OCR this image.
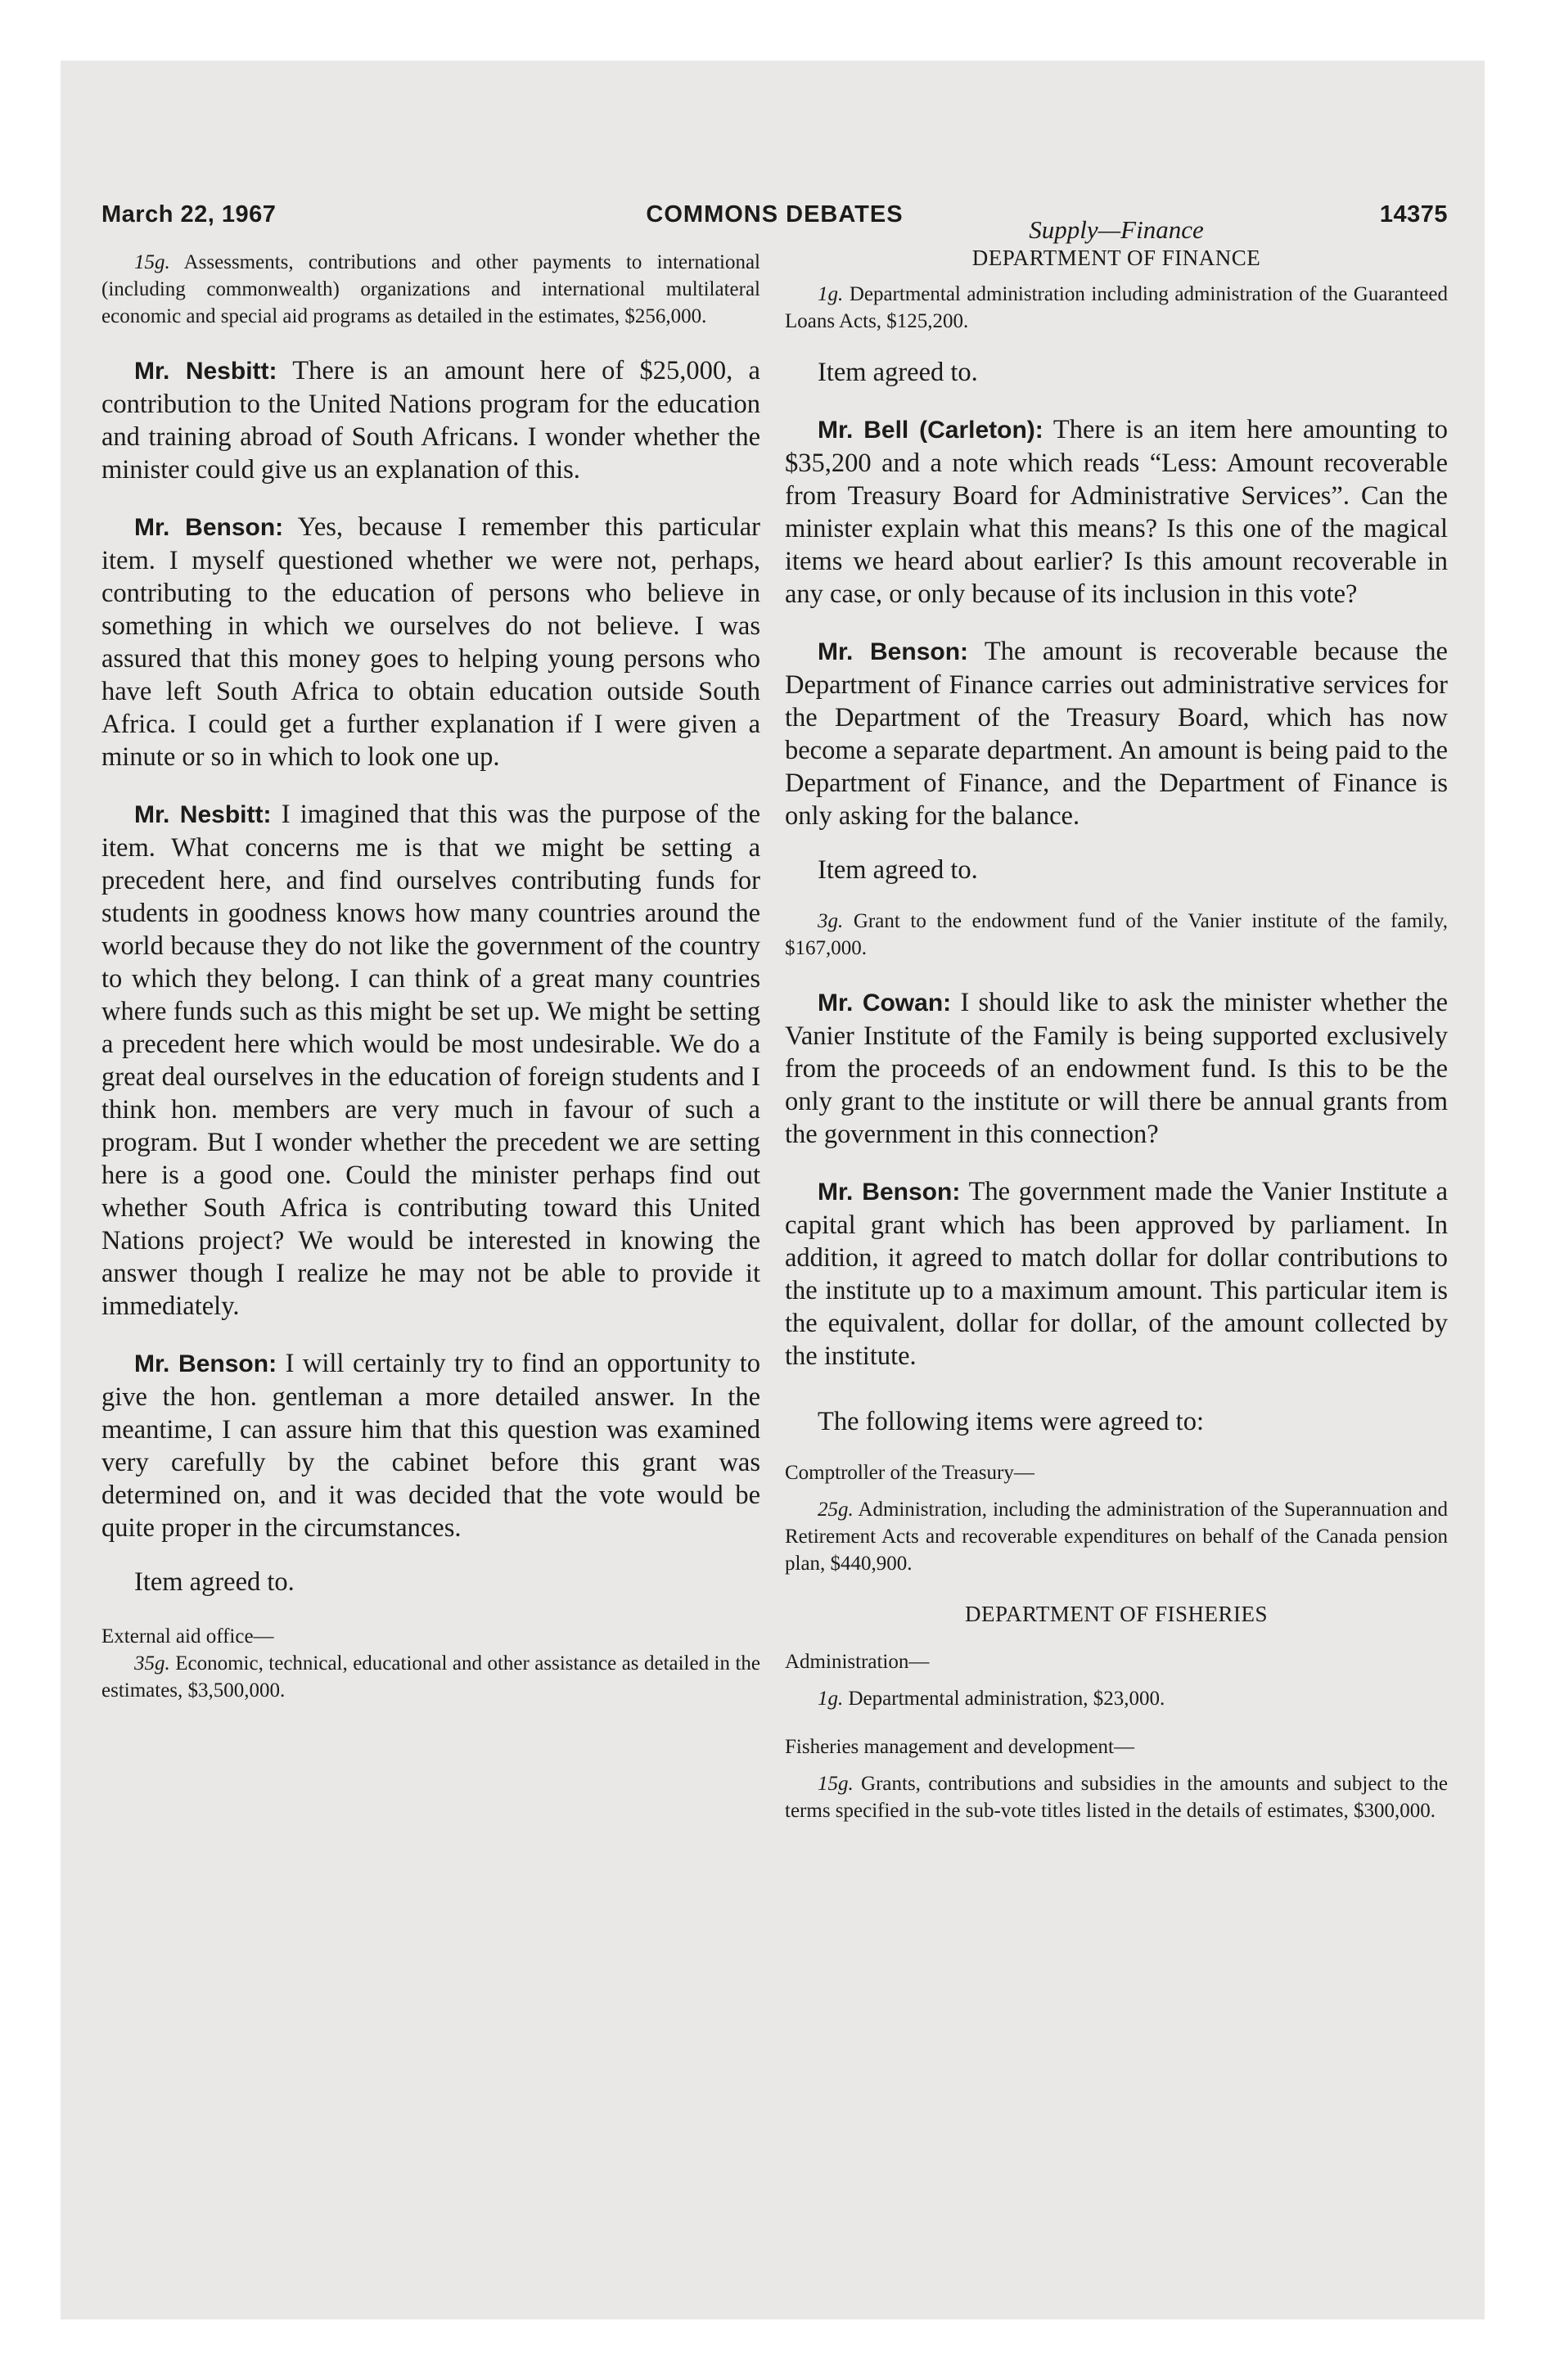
March 22, 1967	COMMONS DEBATES	14375

15g. Assessments, contributions and other payments to international (including commonwealth) organizations and international multilateral economic and special aid programs as detailed in the estimates, $256,000.

Mr. Nesbitt: There is an amount here of $25,000, a contribution to the United Nations program for the education and training abroad of South Africans. I wonder whether the minister could give us an explanation of this.

Mr. Benson: Yes, because I remember this particular item. I myself questioned whether we were not, perhaps, contributing to the education of persons who believe in something in which we ourselves do not believe. I was assured that this money goes to helping young persons who have left South Africa to obtain education outside South Africa. I could get a further explanation if I were given a minute or so in which to look one up.

Mr. Nesbitt: I imagined that this was the purpose of the item. What concerns me is that we might be setting a precedent here, and find ourselves contributing funds for students in goodness knows how many countries around the world because they do not like the government of the country to which they belong. I can think of a great many countries where funds such as this might be set up. We might be setting a precedent here which would be most undesirable. We do a great deal ourselves in the education of foreign students and I think hon. members are very much in favour of such a program. But I wonder whether the precedent we are setting here is a good one. Could the minister perhaps find out whether South Africa is contributing toward this United Nations project? We would be interested in knowing the answer though I realize he may not be able to provide it immediately.

Mr. Benson: I will certainly try to find an opportunity to give the hon. gentleman a more detailed answer. In the meantime, I can assure him that this question was examined very carefully by the cabinet before this grant was determined on, and it was decided that the vote would be quite proper in the circumstances.

Item agreed to.

External aid office—

35g. Economic, technical, educational and other assistance as detailed in the estimates, $3,500,000.

Supply—Finance

DEPARTMENT OF FINANCE

1g. Departmental administration including administration of the Guaranteed Loans Acts, $125,200.

Item agreed to.

Mr. Bell (Carleton): There is an item here amounting to $35,200 and a note which reads “Less: Amount recoverable from Treasury Board for Administrative Services”. Can the minister explain what this means? Is this one of the magical items we heard about earlier? Is this amount recoverable in any case, or only because of its inclusion in this vote?

Mr. Benson: The amount is recoverable because the Department of Finance carries out administrative services for the Department of the Treasury Board, which has now become a separate department. An amount is being paid to the Department of Finance, and the Department of Finance is only asking for the balance.

Item agreed to.

3g. Grant to the endowment fund of the Vanier institute of the family, $167,000.

Mr. Cowan: I should like to ask the minister whether the Vanier Institute of the Family is being supported exclusively from the proceeds of an endowment fund. Is this to be the only grant to the institute or will there be annual grants from the government in this connection?

Mr. Benson: The government made the Vanier Institute a capital grant which has been approved by parliament. In addition, it agreed to match dollar for dollar contributions to the institute up to a maximum amount. This particular item is the equivalent, dollar for dollar, of the amount collected by the institute.

The following items were agreed to:

Comptroller of the Treasury—

25g. Administration, including the administration of the Superannuation and Retirement Acts and recoverable expenditures on behalf of the Canada pension plan, $440,900.

DEPARTMENT OF FISHERIES

Administration—

1g. Departmental administration, $23,000.

Fisheries management and development—

15g. Grants, contributions and subsidies in the amounts and subject to the terms specified in the sub-vote titles listed in the details of estimates, $300,000.
